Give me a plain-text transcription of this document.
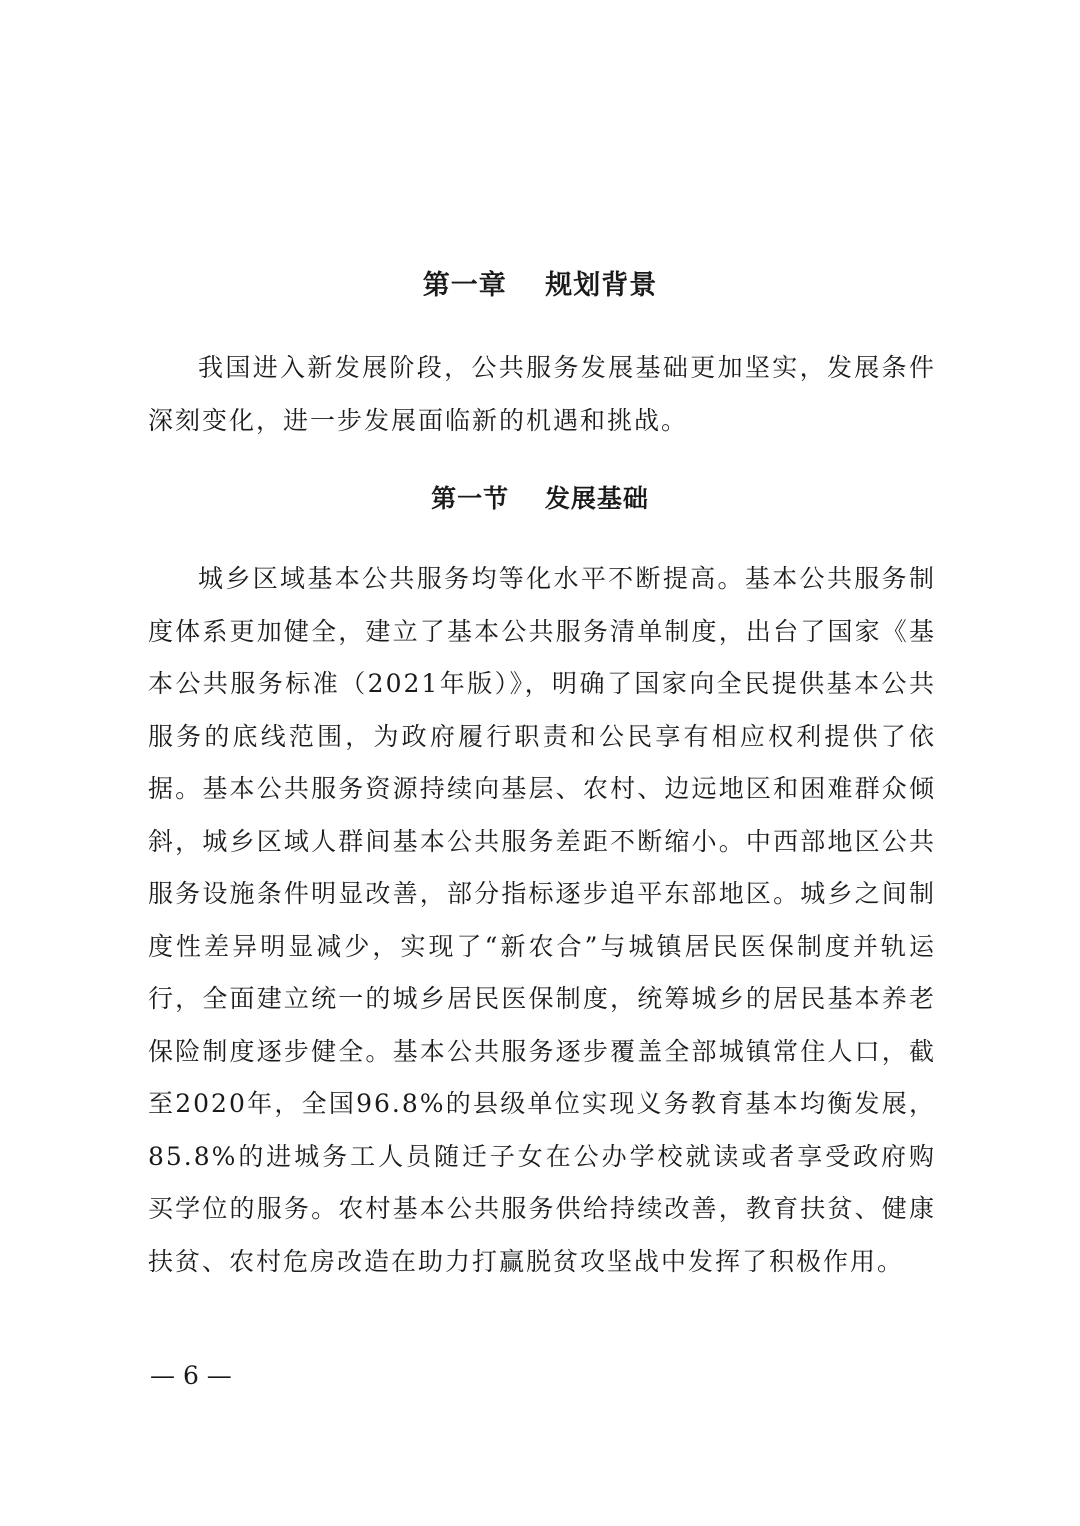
第一章　 规划背景

我国进入新发展阶段，公共服务发展基础更加坚实，发展条件深刻变化，进一步发展面临新的机遇和挑战。

第一节　 发展基础

城乡区域基本公共服务均等化水平不断提高。基本公共服务制度体系更加健全，建立了基本公共服务清单制度，出台了国家《基本公共服务标准（2021年版）》，明确了国家向全民提供基本公共服务的底线范围，为政府履行职责和公民享有相应权利提供了依据。基本公共服务资源持续向基层、农村、边远地区和困难群众倾斜，城乡区域人群间基本公共服务差距不断缩小。中西部地区公共服务设施条件明显改善，部分指标逐步追平东部地区。城乡之间制度性差异明显减少，实现了“新农合”与城镇居民医保制度并轨运行，全面建立统一的城乡居民医保制度，统筹城乡的居民基本养老保险制度逐步健全。基本公共服务逐步覆盖全部城镇常住人口，截至2020年，全国96.8%的县级单位实现义务教育基本均衡发展，85.8%的进城务工人员随迁子女在公办学校就读或者享受政府购买学位的服务。农村基本公共服务供给持续改善，教育扶贫、健康扶贫、农村危房改造在助力打赢脱贫攻坚战中发挥了积极作用。

— 6 —
